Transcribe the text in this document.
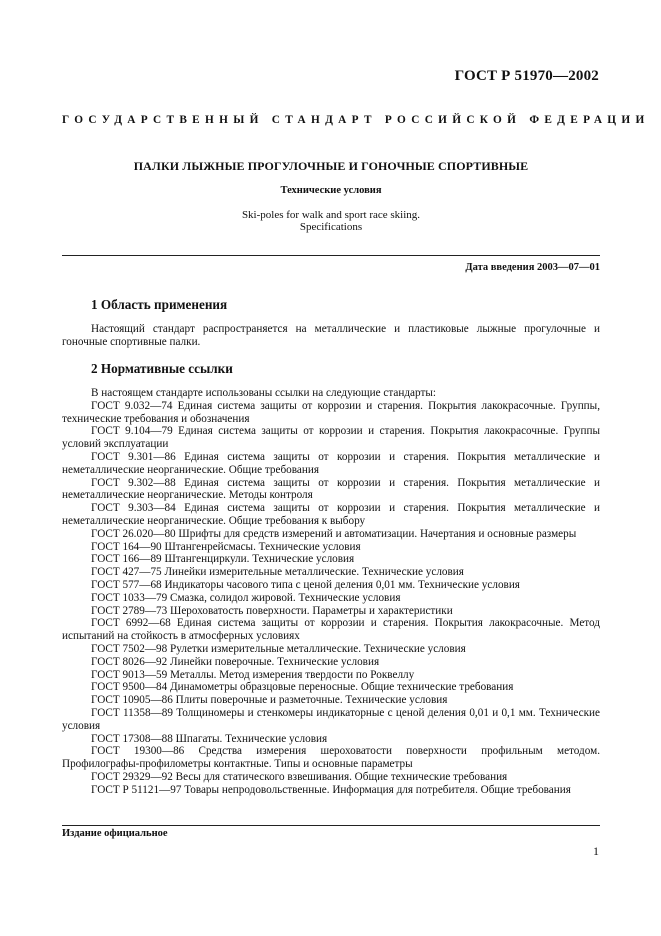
ГОСТ Р 51970—2002
ГОСУДАРСТВЕННЫЙ СТАНДАРТ РОССИЙСКОЙ ФЕДЕРАЦИИ
ПАЛКИ ЛЫЖНЫЕ ПРОГУЛОЧНЫЕ И ГОНОЧНЫЕ СПОРТИВНЫЕ
Технические условия
Ski-poles for walk and sport race skiing.
Specifications
Дата введения 2003—07—01
1 Область применения

Настоящий стандарт распространяется на металлические и пластиковые лыжные прогулочные и гоночные спортивные палки.

2 Нормативные ссылки

В настоящем стандарте использованы ссылки на следующие стандарты:

ГОСТ 9.032—74 Единая система защиты от коррозии и старения. Покрытия лакокрасочные. Группы, технические требования и обозначения

ГОСТ 9.104—79 Единая система защиты от коррозии и старения. Покрытия лакокрасочные. Группы условий эксплуатации

ГОСТ 9.301—86 Единая система защиты от коррозии и старения. Покрытия металлические и неметаллические неорганические. Общие требования

ГОСТ 9.302—88 Единая система защиты от коррозии и старения. Покрытия металлические и неметаллические неорганические. Методы контроля

ГОСТ 9.303—84 Единая система защиты от коррозии и старения. Покрытия металлические и неметаллические неорганические. Общие требования к выбору

ГОСТ 26.020—80 Шрифты для средств измерений и автоматизации. Начертания и основные размеры

ГОСТ 164—90 Штангенрейсмасы. Технические условия

ГОСТ 166—89 Штангенциркули. Технические условия

ГОСТ 427—75 Линейки измерительные металлические. Технические условия

ГОСТ 577—68 Индикаторы часового типа с ценой деления 0,01 мм. Технические условия

ГОСТ 1033—79 Смазка, солидол жировой. Технические условия

ГОСТ 2789—73 Шероховатость поверхности. Параметры и характеристики

ГОСТ 6992—68 Единая система защиты от коррозии и старения. Покрытия лакокрасочные. Метод испытаний на стойкость в атмосферных условиях

ГОСТ 7502—98 Рулетки измерительные металлические. Технические условия

ГОСТ 8026—92 Линейки поверочные. Технические условия

ГОСТ 9013—59 Металлы. Метод измерения твердости по Роквеллу

ГОСТ 9500—84 Динамометры образцовые переносные. Общие технические требования

ГОСТ 10905—86 Плиты поверочные и разметочные. Технические условия

ГОСТ 11358—89 Толщиномеры и стенкомеры индикаторные с ценой деления 0,01 и 0,1 мм. Технические условия

ГОСТ 17308—88 Шпагаты. Технические условия

ГОСТ 19300—86 Средства измерения шероховатости поверхности профильным методом. Профилографы-профилометры контактные. Типы и основные параметры

ГОСТ 29329—92 Весы для статического взвешивания. Общие технические требования

ГОСТ Р 51121—97 Товары непродовольственные. Информация для потребителя. Общие требования

Издание официальное
1
